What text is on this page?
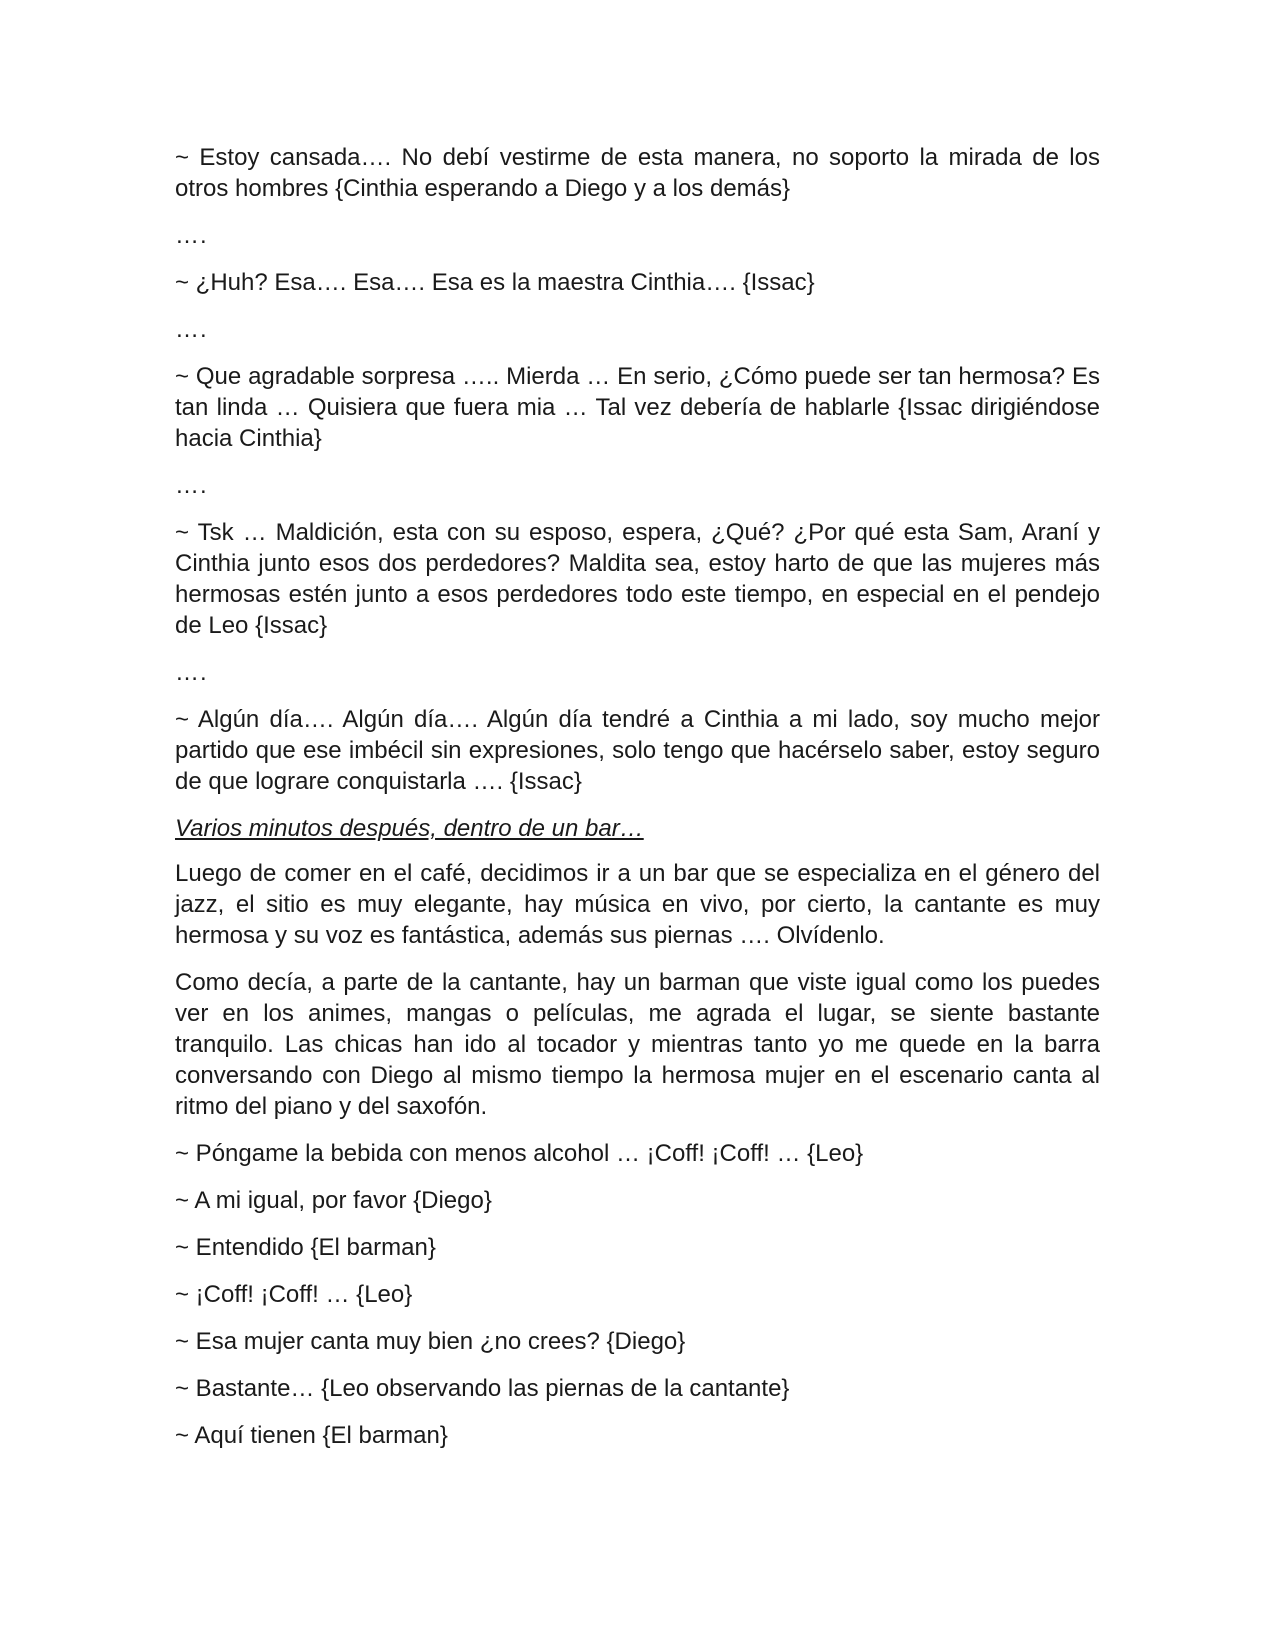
~ Estoy cansada…. No debí vestirme de esta manera, no soporto la mirada de los otros hombres {Cinthia esperando a Diego y a los demás}

….

~ ¿Huh? Esa…. Esa…. Esa es la maestra Cinthia…. {Issac}

….

~ Que agradable sorpresa ….. Mierda … En serio, ¿Cómo puede ser tan hermosa? Es tan linda … Quisiera que fuera mia … Tal vez debería de hablarle {Issac dirigiéndose hacia Cinthia}

….

~ Tsk … Maldición, esta con su esposo, espera, ¿Qué? ¿Por qué esta Sam, Araní y Cinthia junto esos dos perdedores? Maldita sea, estoy harto de que las mujeres más hermosas estén junto a esos perdedores todo este tiempo, en especial en el pendejo de Leo {Issac}

….

~ Algún día…. Algún día…. Algún día tendré a Cinthia a mi lado, soy mucho mejor partido que ese imbécil sin expresiones, solo tengo que hacérselo saber, estoy seguro de que lograre conquistarla …. {Issac}

Varios minutos después, dentro de un bar…

Luego de comer en el café, decidimos ir a un bar que se especializa en el género del jazz, el sitio es muy elegante, hay música en vivo, por cierto, la cantante es muy hermosa y su voz es fantástica, además sus piernas …. Olvídenlo.

Como decía, a parte de la cantante, hay un barman que viste igual como los puedes ver en los animes, mangas o películas, me agrada el lugar, se siente bastante tranquilo. Las chicas han ido al tocador y mientras tanto yo me quede en la barra conversando con Diego al mismo tiempo la hermosa mujer en el escenario canta al ritmo del piano y del saxofón.

~ Póngame la bebida con menos alcohol … ¡Coff! ¡Coff! … {Leo}

~ A mi igual, por favor {Diego}

~ Entendido {El barman}

~ ¡Coff! ¡Coff! … {Leo}

~ Esa mujer canta muy bien ¿no crees? {Diego}

~ Bastante… {Leo observando las piernas de la cantante}

~ Aquí tienen {El barman}
